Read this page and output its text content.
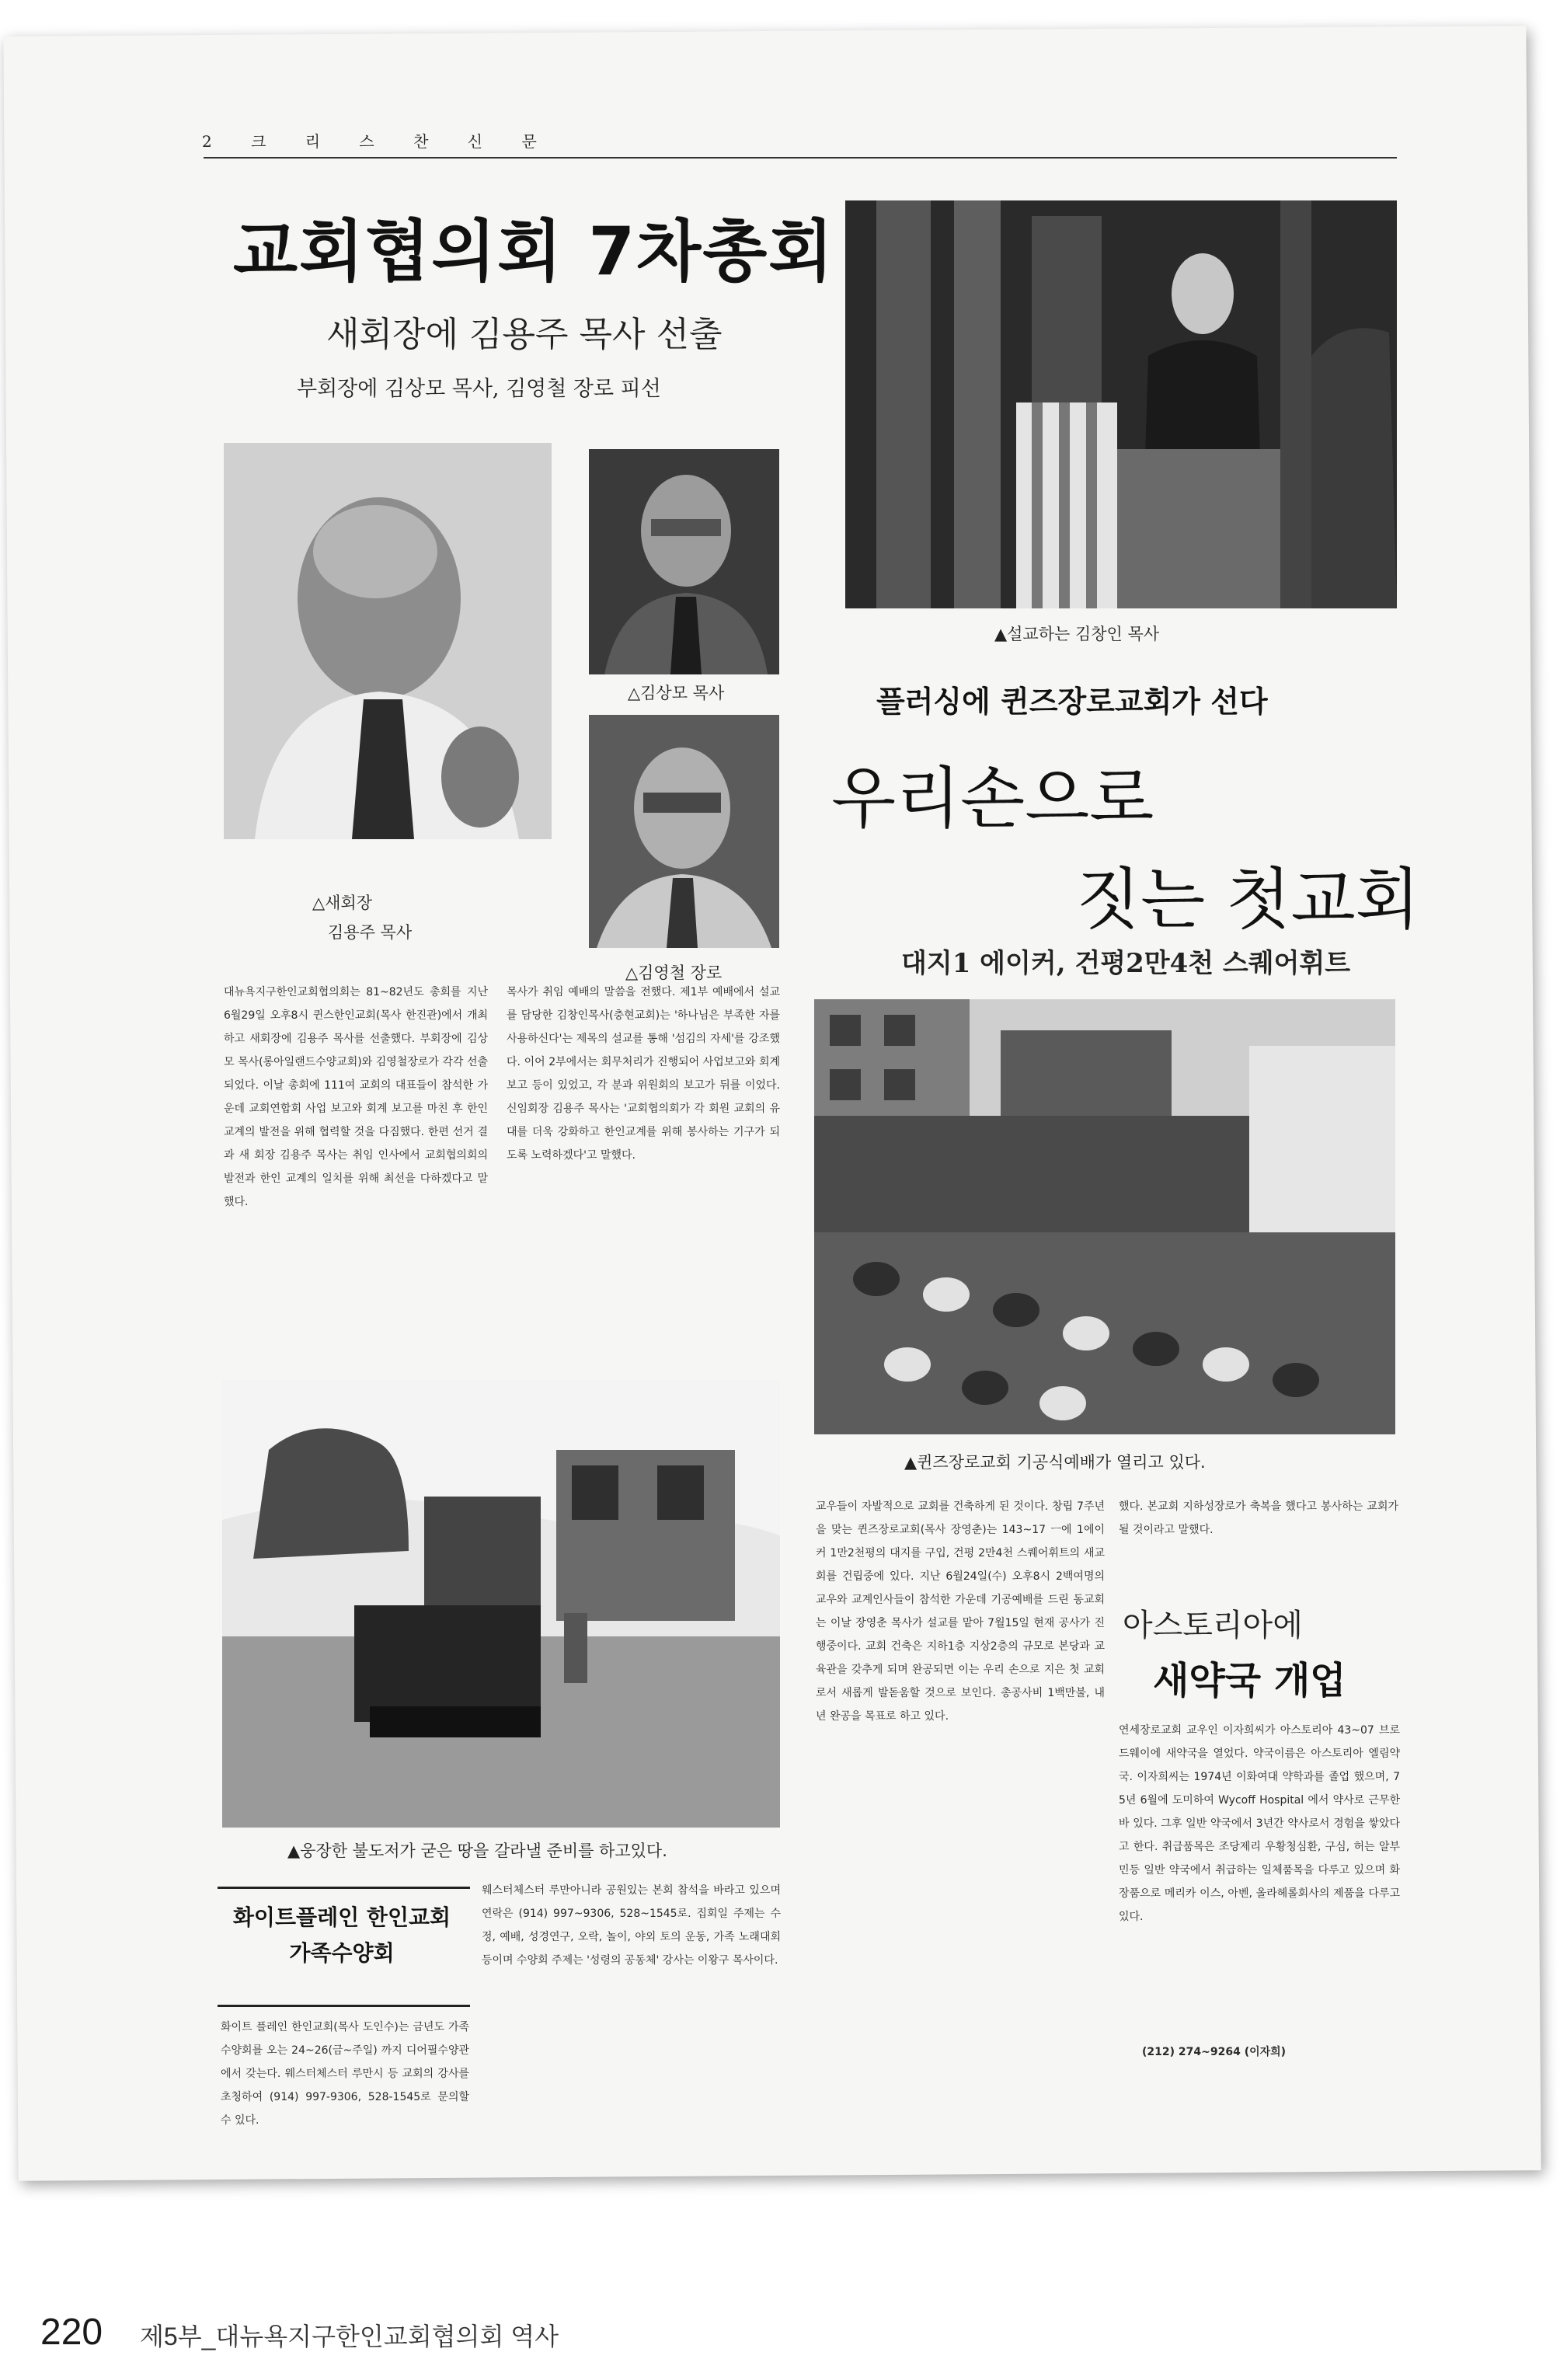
2 크 리 스 찬 신 문
교회협의회 7차총회
새회장에 김용주 목사 선출
부회장에 김상모 목사, 김영철 장로 피선
△새회장
김용주 목사
△김상모 목사
△김영철 장로

대뉴욕지구한인교회협의회는 81~82년도 총회를 지난 6월29일 오후8시 퀸스한인교회(목사 한진관)에서 개최하고 새회장에 김용주 목사를 선출했다. 부회장에 김상모 목사(롱아일랜드수양교회)와 김영철장로가 각각 선출되었다. 이날 총회에 111여 교회의 대표들이 참석한 가운데 교회연합회 사업 보고와 회계 보고를 마친 후 한인 교계의 발전을 위해 협력할 것을 다짐했다. 한편 선거 결과 새 회장 김용주 목사는 취임 인사에서 교회협의회의 발전과 한인 교계의 일치를 위해 최선을 다하겠다고 말했다.

목사가 취임 예배의 말씀을 전했다. 제1부 예배에서 설교를 담당한 김창인목사(충현교회)는 '하나님은 부족한 자를 사용하신다'는 제목의 설교를 통해 '섬김의 자세'를 강조했다. 이어 2부에서는 회무처리가 진행되어 사업보고와 회계보고 등이 있었고, 각 분과 위원회의 보고가 뒤를 이었다. 신임회장 김용주 목사는 '교회협의회가 각 회원 교회의 유대를 더욱 강화하고 한인교계를 위해 봉사하는 기구가 되도록 노력하겠다'고 말했다.

▲웅장한 불도저가 굳은 땅을 갈라낼 준비를 하고있다.
화이트플레인 한인교회
가족수양회

화이트 플레인 한인교회(목사 도인수)는 금년도 가족수양회를 오는 24~26(금~주일) 까지 디어필수양관에서 갖는다. 웨스터체스터 루만시 등 교회의 강사를 초청하여 (914) 997-9306, 528-1545로 문의할 수 있다.

웨스터체스터 루만아니라 공원있는 본회 참석을 바라고 있으며 연락은 (914) 997~9306, 528~1545로. 집회일 주제는 수정, 예배, 성경연구, 오락, 놀이, 야외 토의 운동, 가족 노래대회 등이며 수양회 주제는 '성령의 공동체' 강사는 이왕구 목사이다.

▲설교하는 김창인 목사
플러싱에 퀸즈장로교회가 선다
우리손으로
짓는 첫교회
대지1 에이커, 건평2만4천 스퀘어휘트
▲퀸즈장로교회 기공식예배가 열리고 있다.

교우들이 자발적으로 교회를 건축하게 된 것이다. 창립 7주년을 맞는 퀸즈장로교회(목사 장영춘)는 143~17 ㅡ에 1에이커 1만2천평의 대지를 구입, 건평 2만4천 스퀘어휘트의 새교회를 건립중에 있다. 지난 6월24일(수) 오후8시 2백여명의 교우와 교계인사들이 참석한 가운데 기공예배를 드린 동교회는 이날 장영춘 목사가 설교를 맡아 7월15일 현재 공사가 진행중이다. 교회 건축은 지하1층 지상2층의 규모로 본당과 교육관을 갖추게 되며 완공되면 이는 우리 손으로 지은 첫 교회로서 새롭게 발돋움할 것으로 보인다. 총공사비 1백만불, 내년 완공을 목표로 하고 있다.

했다. 본교회 지하성장로가 축복을 했다고 봉사하는 교회가 될 것이라고 말했다.

아스토리아에
새약국 개업

연세장로교회 교우인 이자희씨가 아스토리아 43~07 브로드웨이에 새약국을 열었다. 약국이름은 아스토리아 엘림약국. 이자희씨는 1974년 이화여대 약학과를 졸업 했으며, 75년 6월에 도미하여 Wycoff Hospital 에서 약사로 근무한바 있다. 그후 일반 약국에서 3년간 약사로서 경험을 쌓았다고 한다. 취급품목은 조당제리 우황청심환, 구심, 허는 알부민등 일반 약국에서 취급하는 일체품목을 다루고 있으며 화장품으로 메리카 이스, 아벤, 올라헤롤회사의 제품을 다루고 있다.

(212) 274~9264 (이자희)
220 제5부_대뉴욕지구한인교회협의회 역사
